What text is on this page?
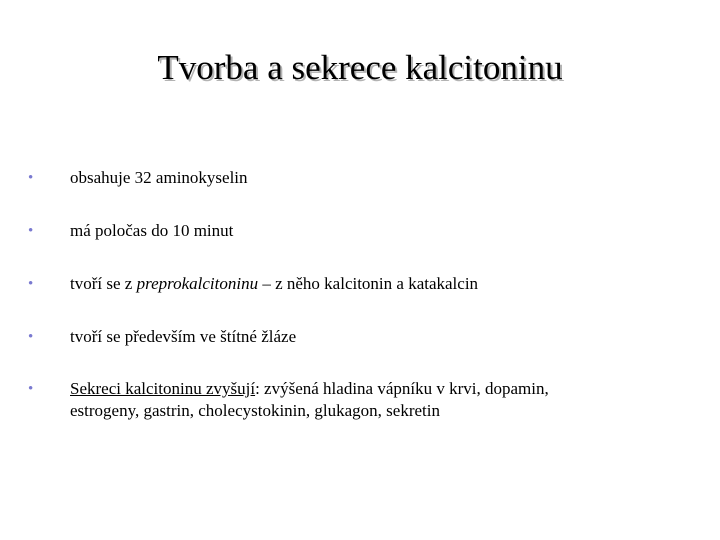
Tvorba a sekrece kalcitoninu
• obsahuje 32 aminokyselin
• má poločas do 10 minut
• tvoří se z preprokalcitoninu – z něho kalcitonin a katakalcin
• tvoří se především ve štítné žláze
• Sekreci kalcitoninu zvyšují: zvýšená hladina vápníku v krvi, dopamin,
estrogeny, gastrin, cholecystokinin, glukagon, sekretin
